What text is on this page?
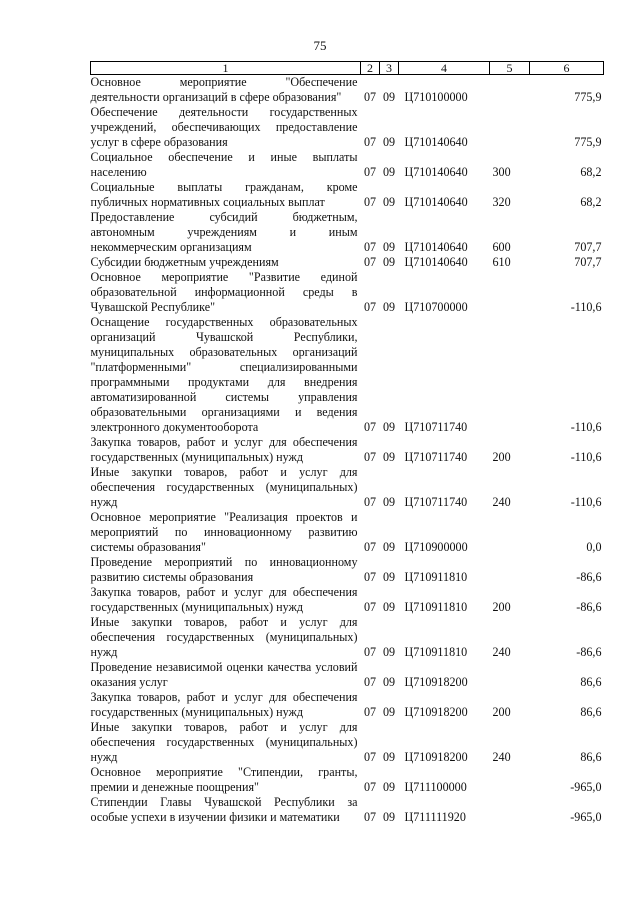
75
1	2	3	4	5	6
Основное мероприятие "Обеспечение деятельности организаций в сфере образования"	07	09	Ц710100000		775,9
Обеспечение деятельности государственных учреждений, обеспечивающих предоставление услуг в сфере образования	07	09	Ц710140640		775,9
Социальное обеспечение и иные выплаты населению	07	09	Ц710140640	300	68,2
Социальные выплаты гражданам, кроме публичных нормативных социальных выплат	07	09	Ц710140640	320	68,2
Предоставление субсидий бюджетным, автономным учреждениям и иным некоммерческим организациям	07	09	Ц710140640	600	707,7
Субсидии бюджетным учреждениям	07	09	Ц710140640	610	707,7
Основное мероприятие "Развитие единой образовательной информационной среды в Чувашской Республике"	07	09	Ц710700000		-110,6
Оснащение государственных образовательных организаций Чувашской Республики, муниципальных образовательных организаций "платформенными" специализированными программными продуктами для внедрения автоматизированной системы управления образовательными организациями и ведения электронного документооборота	07	09	Ц710711740		-110,6
Закупка товаров, работ и услуг для обеспечения государственных (муниципальных) нужд	07	09	Ц710711740	200	-110,6
Иные закупки товаров, работ и услуг для обеспечения государственных (муниципальных) нужд	07	09	Ц710711740	240	-110,6
Основное мероприятие "Реализация проектов и мероприятий по инновационному развитию системы образования"	07	09	Ц710900000		0,0
Проведение мероприятий по инновационному развитию системы образования	07	09	Ц710911810		-86,6
Закупка товаров, работ и услуг для обеспечения государственных (муниципальных) нужд	07	09	Ц710911810	200	-86,6
Иные закупки товаров, работ и услуг для обеспечения государственных (муниципальных) нужд	07	09	Ц710911810	240	-86,6
Проведение независимой оценки качества условий оказания услуг	07	09	Ц710918200		86,6
Закупка товаров, работ и услуг для обеспечения государственных (муниципальных) нужд	07	09	Ц710918200	200	86,6
Иные закупки товаров, работ и услуг для обеспечения государственных (муниципальных) нужд	07	09	Ц710918200	240	86,6
Основное мероприятие "Стипендии, гранты, премии и денежные поощрения"	07	09	Ц711100000		-965,0
Стипендии Главы Чувашской Республики за особые успехи в изучении физики и математики	07	09	Ц711111920		-965,0
